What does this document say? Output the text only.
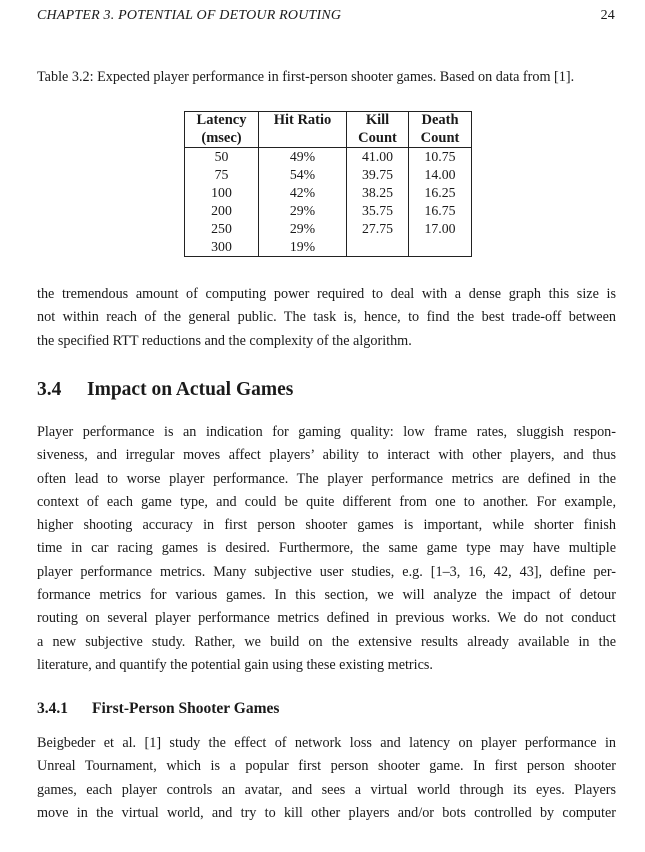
CHAPTER 3. POTENTIAL OF DETOUR ROUTING	24
Table 3.2: Expected player performance in first-person shooter games. Based on data from [1].
Latency	Hit Ratio	Kill	Death
(msec)		Count	Count
50	49%	41.00	10.75
75	54%	39.75	14.00
100	42%	38.25	16.25
200	29%	35.75	16.75
250	29%	27.75	17.00
300	19%		
the tremendous amount of computing power required to deal with a dense graph this size is
not within reach of the general public. The task is, hence, to find the best trade-off between
the specified RTT reductions and the complexity of the algorithm.
3.4 Impact on Actual Games
Player performance is an indication for gaming quality: low frame rates, sluggish respon-
siveness, and irregular moves affect players’ ability to interact with other players, and thus
often lead to worse player performance. The player performance metrics are defined in the
context of each game type, and could be quite different from one to another. For example,
higher shooting accuracy in first person shooter games is important, while shorter finish
time in car racing games is desired. Furthermore, the same game type may have multiple
player performance metrics. Many subjective user studies, e.g. [1–3, 16, 42, 43], define per-
formance metrics for various games. In this section, we will analyze the impact of detour
routing on several player performance metrics defined in previous works. We do not conduct
a new subjective study. Rather, we build on the extensive results already available in the
literature, and quantify the potential gain using these existing metrics.
3.4.1 First-Person Shooter Games
Beigbeder et al. [1] study the effect of network loss and latency on player performance in
Unreal Tournament, which is a popular first person shooter game. In first person shooter
games, each player controls an avatar, and sees a virtual world through its eyes. Players
move in the virtual world, and try to kill other players and/or bots controlled by computer
